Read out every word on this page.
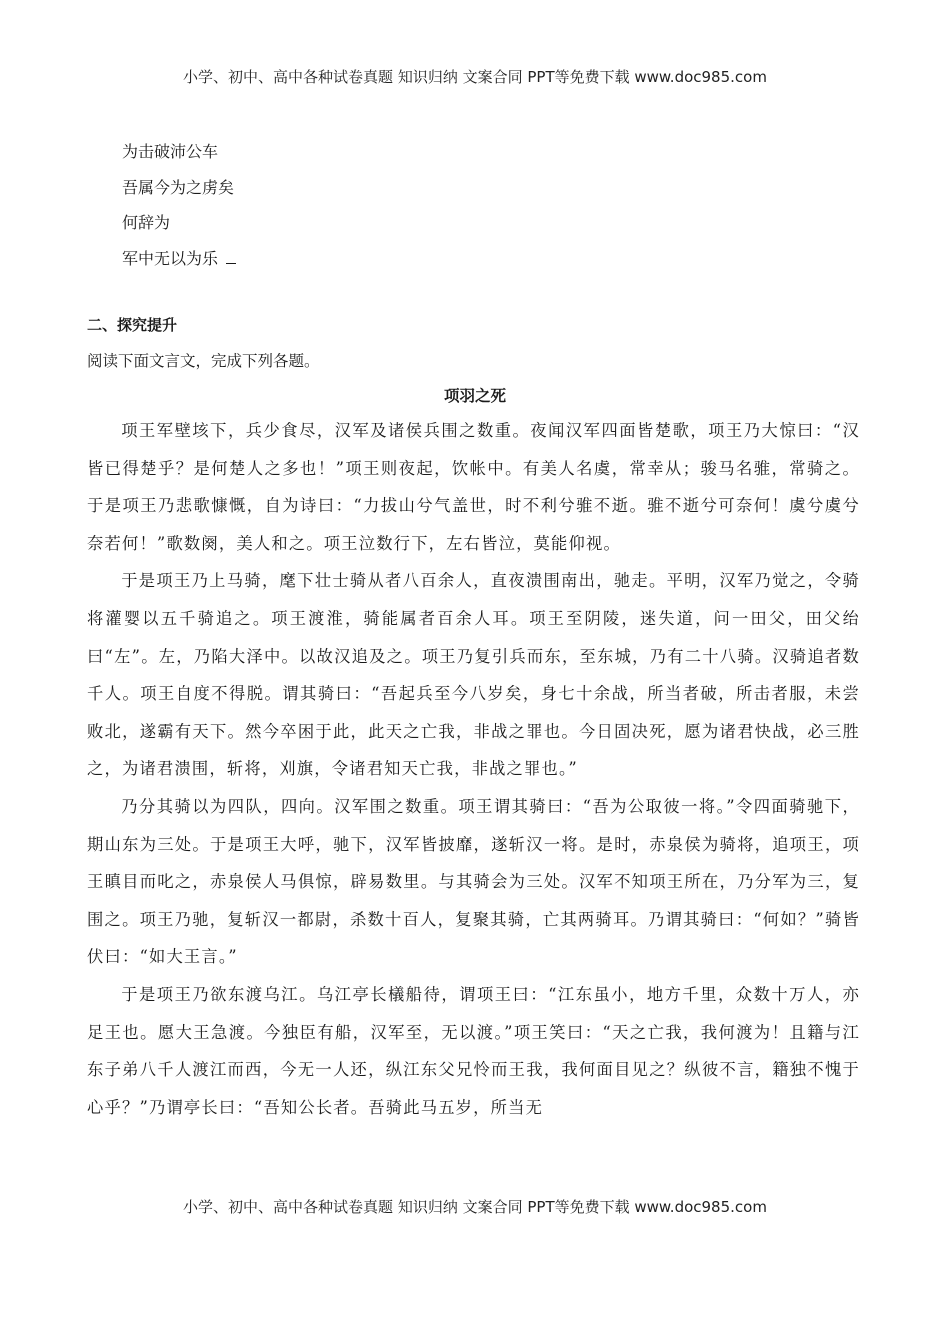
小学、初中、高中各种试卷真题 知识归纳 文案合同 PPT等免费下载 www.doc985.com
为击破沛公车
吾属今为之虏矣
何辞为
军中无以为乐
二、探究提升
阅读下面文言文，完成下列各题。
项羽之死

项王军壁垓下，兵少食尽，汉军及诸侯兵围之数重。夜闻汉军四面皆楚歌，项王乃大惊曰：“汉皆已得楚乎？是何楚人之多也！”项王则夜起，饮帐中。有美人名虞，常幸从；骏马名骓，常骑之。于是项王乃悲歌慷慨，自为诗曰：“力拔山兮气盖世，时不利兮骓不逝。骓不逝兮可奈何！虞兮虞兮奈若何！”歌数阕，美人和之。项王泣数行下，左右皆泣，莫能仰视。

于是项王乃上马骑，麾下壮士骑从者八百余人，直夜溃围南出，驰走。平明，汉军乃觉之，令骑将灌婴以五千骑追之。项王渡淮，骑能属者百余人耳。项王至阴陵，迷失道，问一田父，田父绐曰“左”。左，乃陷大泽中。以故汉追及之。项王乃复引兵而东，至东城，乃有二十八骑。汉骑追者数千人。项王自度不得脱。谓其骑曰：“吾起兵至今八岁矣，身七十余战，所当者破，所击者服，未尝败北，遂霸有天下。然今卒困于此，此天之亡我，非战之罪也。今日固决死，愿为诸君快战，必三胜之，为诸君溃围，斩将，刈旗，令诸君知天亡我，非战之罪也。”

乃分其骑以为四队，四向。汉军围之数重。项王谓其骑曰：“吾为公取彼一将。”令四面骑驰下，期山东为三处。于是项王大呼，驰下，汉军皆披靡，遂斩汉一将。是时，赤泉侯为骑将，追项王，项王瞋目而叱之，赤泉侯人马俱惊，辟易数里。与其骑会为三处。汉军不知项王所在，乃分军为三，复围之。项王乃驰，复斩汉一都尉，杀数十百人，复聚其骑，亡其两骑耳。乃谓其骑曰：“何如？”骑皆伏曰：“如大王言。”

于是项王乃欲东渡乌江。乌江亭长檥船待，谓项王曰：“江东虽小，地方千里，众数十万人，亦足王也。愿大王急渡。今独臣有船，汉军至，无以渡。”项王笑曰：“天之亡我，我何渡为！且籍与江东子弟八千人渡江而西，今无一人还，纵江东父兄怜而王我，我何面目见之？纵彼不言，籍独不愧于心乎？”乃谓亭长曰：“吾知公长者。吾骑此马五岁，所当无

小学、初中、高中各种试卷真题 知识归纳 文案合同 PPT等免费下载 www.doc985.com
